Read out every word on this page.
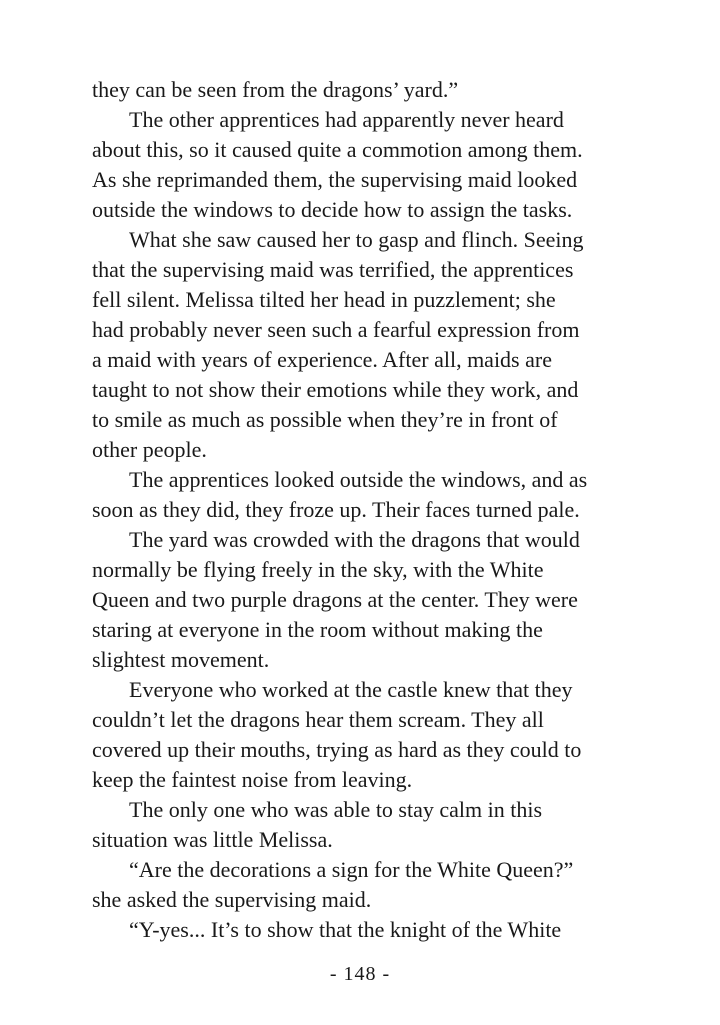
they can be seen from the dragons’ yard.”
The other apprentices had apparently never heard
about this, so it caused quite a commotion among them.
As she reprimanded them, the supervising maid looked
outside the windows to decide how to assign the tasks.
What she saw caused her to gasp and flinch. Seeing
that the supervising maid was terrified, the apprentices
fell silent. Melissa tilted her head in puzzlement; she
had probably never seen such a fearful expression from
a maid with years of experience. After all, maids are
taught to not show their emotions while they work, and
to smile as much as possible when they’re in front of
other people.
The apprentices looked outside the windows, and as
soon as they did, they froze up. Their faces turned pale.
The yard was crowded with the dragons that would
normally be flying freely in the sky, with the White
Queen and two purple dragons at the center. They were
staring at everyone in the room without making the
slightest movement.
Everyone who worked at the castle knew that they
couldn’t let the dragons hear them scream. They all
covered up their mouths, trying as hard as they could to
keep the faintest noise from leaving.
The only one who was able to stay calm in this
situation was little Melissa.
“Are the decorations a sign for the White Queen?”
she asked the supervising maid.
“Y-yes... It’s to show that the knight of the White
- 148 -
